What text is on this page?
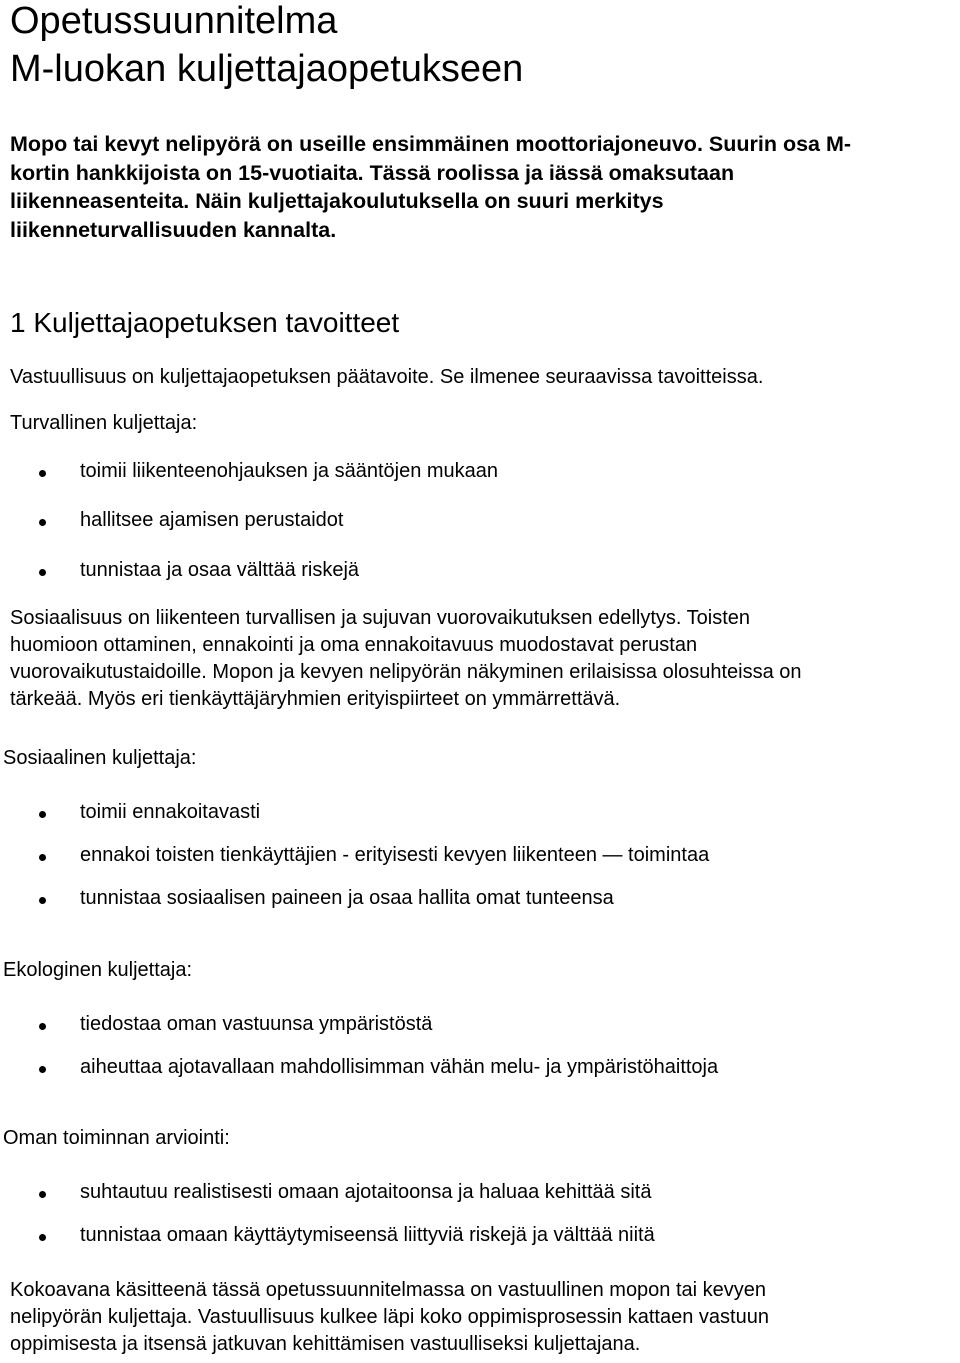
Opetussuunnitelma
M-luokan kuljettajaopetukseen
Mopo tai kevyt nelipyörä on useille ensimmäinen moottoriajoneuvo. Suurin osa M-
kortin hankkijoista on 15-vuotiaita. Tässä roolissa ja iässä omaksutaan
liikenneasenteita. Näin kuljettajakoulutuksella on suuri merkitys
liikenneturvallisuuden kannalta.
1 Kuljettajaopetuksen tavoitteet

Vastuullisuus on kuljettajaopetuksen päätavoite. Se ilmenee seuraavissa tavoitteissa.

Turvallinen kuljettaja:

toimii liikenteenohjauksen ja sääntöjen mukaan
hallitsee ajamisen perustaidot
tunnistaa ja osaa välttää riskejä
Sosiaalisuus on liikenteen turvallisen ja sujuvan vuorovaikutuksen edellytys. Toisten
huomioon ottaminen, ennakointi ja oma ennakoitavuus muodostavat perustan
vuorovaikutustaidoille. Mopon ja kevyen nelipyörän näkyminen erilaisissa olosuhteissa on
tärkeää. Myös eri tienkäyttäjäryhmien erityispiirteet on ymmärrettävä.

Sosiaalinen kuljettaja:

toimii ennakoitavasti
ennakoi toisten tienkäyttäjien - erityisesti kevyen liikenteen — toimintaa
tunnistaa sosiaalisen paineen ja osaa hallita omat tunteensa

Ekologinen kuljettaja:

tiedostaa oman vastuunsa ympäristöstä
aiheuttaa ajotavallaan mahdollisimman vähän melu- ja ympäristöhaittoja

Oman toiminnan arviointi:

suhtautuu realistisesti omaan ajotaitoonsa ja haluaa kehittää sitä
tunnistaa omaan käyttäytymiseensä liittyviä riskejä ja välttää niitä
Kokoavana käsitteenä tässä opetussuunnitelmassa on vastuullinen mopon tai kevyen
nelipyörän kuljettaja. Vastuullisuus kulkee läpi koko oppimisprosessin kattaen vastuun
oppimisesta ja itsensä jatkuvan kehittämisen vastuulliseksi kuljettajana.
